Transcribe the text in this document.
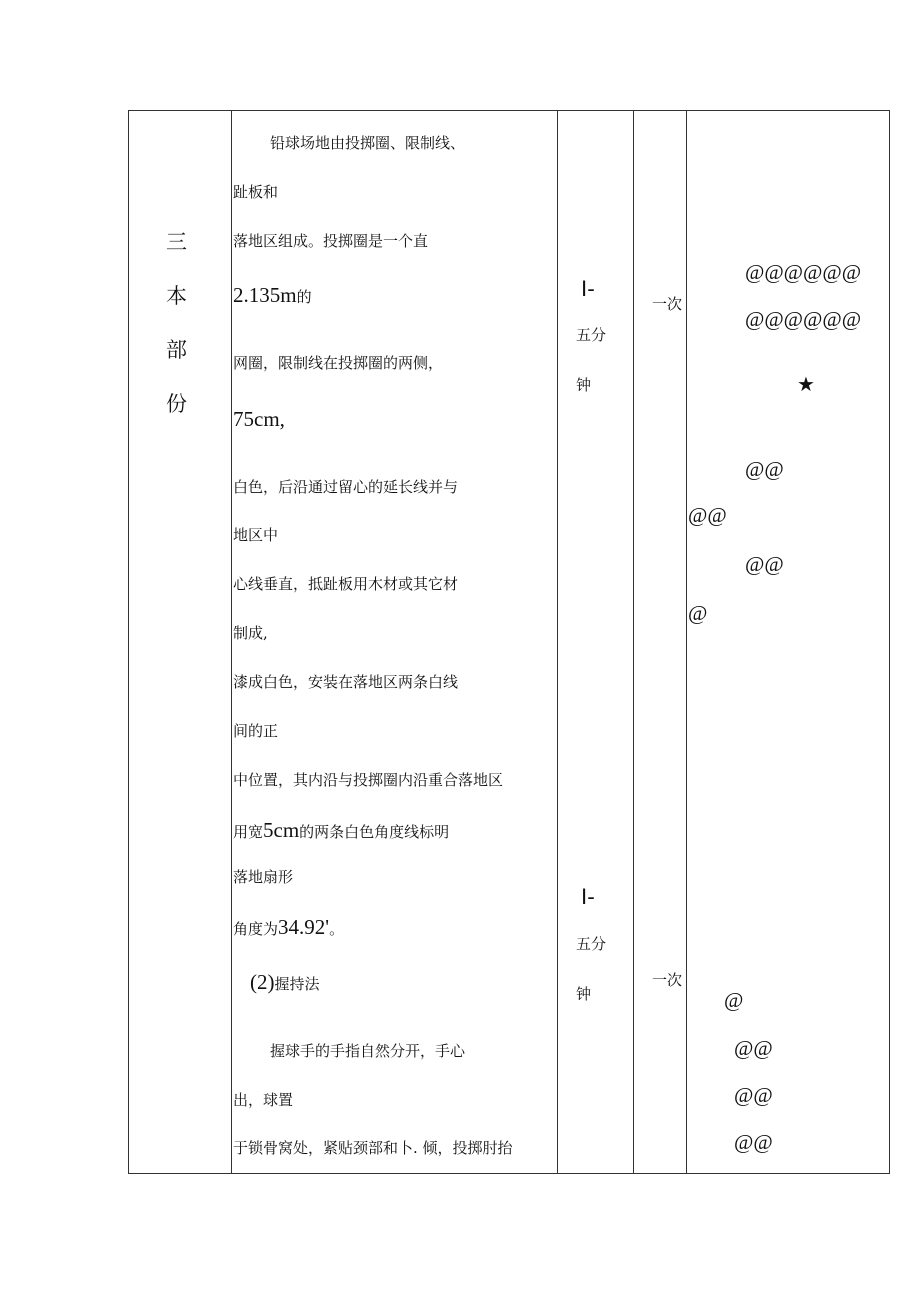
三
本
部
份
铅球场地由投掷圈、限制线、
趾板和
落地区组成。投掷圈是一个直
2.135m的
网圈，限制线在投掷圈的两侧，
75cm,
白色，后沿通过留心的延长线并与
地区中
心线垂直，抵趾板用木材或其它材
制成,
漆成白色，安装在落地区两条白线
间的正
中位置，其内沿与投掷圈内沿重合落地区
用宽5cm的两条白色角度线标明
落地扇形
角度为34.92'。
(2)握持法
握球手的手指自然分开，手心
出，球置
于锁骨窝处，紧贴颈部和卜. 倾，投掷肘抬
I-
五分
钟
I-
五分
钟
一次
一次
@@@@@@
@@@@@@
★
@@
@@
@@
@
@
@@
@@
@@
